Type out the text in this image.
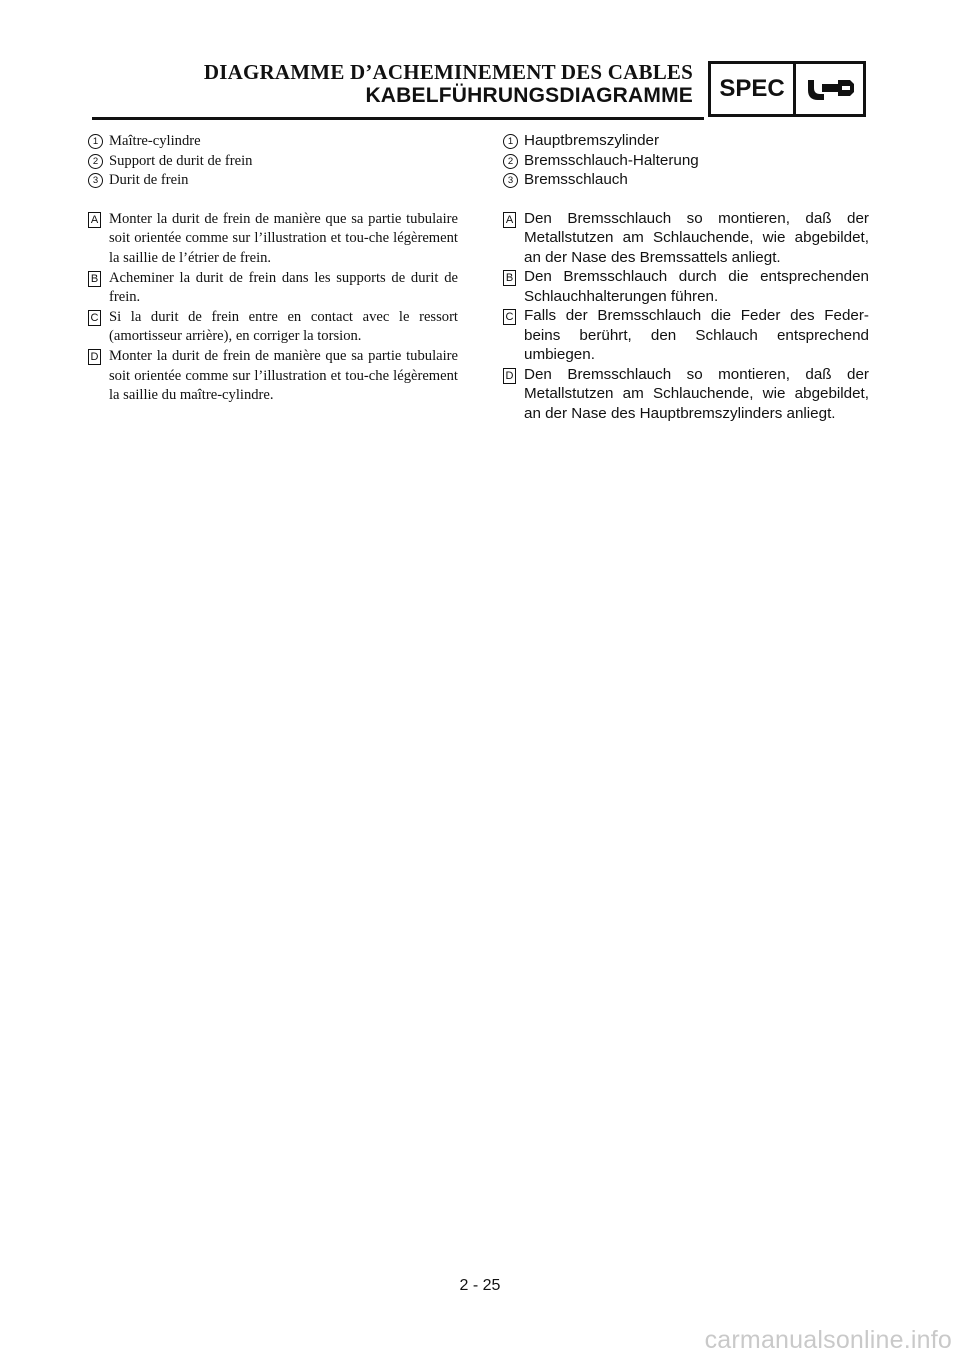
DIAGRAMME D’ACHEMINEMENT DES CABLES
KABELFÜHRUNGSDIAGRAMME	SPEC
1 Maître-cylindre
2 Support de durit de frein
3 Durit de frein
A Monter la durit de frein de manière que sa partie tubulaire soit orientée comme sur l’illustration et tou-che légèrement la saillie de l’étrier de frein.
B Acheminer la durit de frein dans les supports de durit de frein.
C Si la durit de frein entre en contact avec le ressort (amortisseur arrière), en corriger la torsion.
D Monter la durit de frein de manière que sa partie tubulaire soit orientée comme sur l’illustration et tou-che légèrement la saillie du maître-cylindre.
1 Hauptbremszylinder
2 Bremsschlauch-Halterung
3 Bremsschlauch
A Den Bremsschlauch so montieren, daß der Metallstutzen am Schlauchende, wie abgebildet, an der Nase des Bremssattels anliegt.
B Den Bremsschlauch durch die entsprechenden Schlauchhalterungen führen.
C Falls der Bremsschlauch die Feder des Feder-beins berührt, den Schlauch entsprechend umbiegen.
D Den Bremsschlauch so montieren, daß der Metallstutzen am Schlauchende, wie abgebildet, an der Nase des Hauptbremszylinders anliegt.
2 - 25
carmanualsonline.info
